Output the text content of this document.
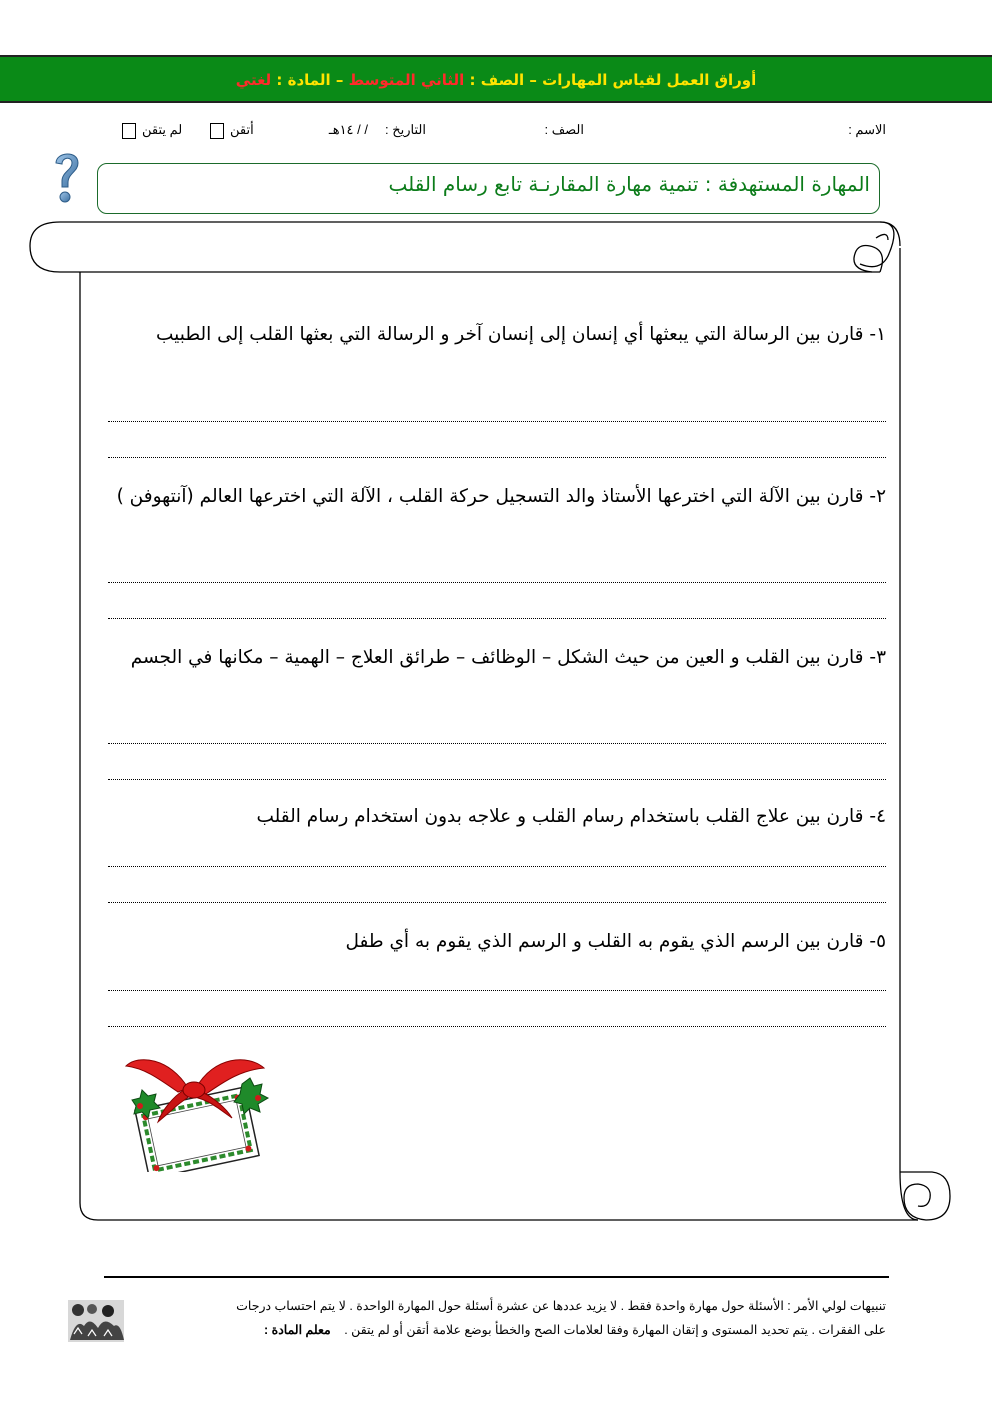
أوراق العمل لقياس المهارات – الصف : الثاني المتوسط – المادة : لغتي
الاسم :
الصف :
التاريخ :
/ / ١٤هـ
أتقن
لم يتقن
المهارة المستهدفة : تنمية مهارة المقارنـة تابع رسام القلب
١- قارن بين الرسالة التي يبعثها أي إنسان إلى إنسان آخر و الرسالة التي بعثها القلب إلى الطبيب
٢- قارن بين الآلة التي اخترعها الأستاذ والد التسجيل حركة القلب ، الآلة التي اخترعها العالم (آنتهوفن )
٣- قارن بين القلب و العين من حيث الشكل – الوظائف – طرائق العلاج – الهمية – مكانها في الجسم
٤- قارن بين علاج القلب باستخدام رسام القلب و علاجه بدون استخدام رسام القلب
٥- قارن بين الرسم الذي يقوم به القلب و الرسم الذي يقوم به أي طفل
تنبيهات لولي الأمر : الأسئلة حول مهارة واحدة فقط . لا يزيد عددها عن عشرة أسئلة حول المهارة الواحدة . لا يتم احتساب درجات
على الفقرات . يتم تحديد المستوى و إتقان المهارة وفقا لعلامات الصح والخطأ بوضع علامة أتقن أو لم يتقن . معلم المادة :
